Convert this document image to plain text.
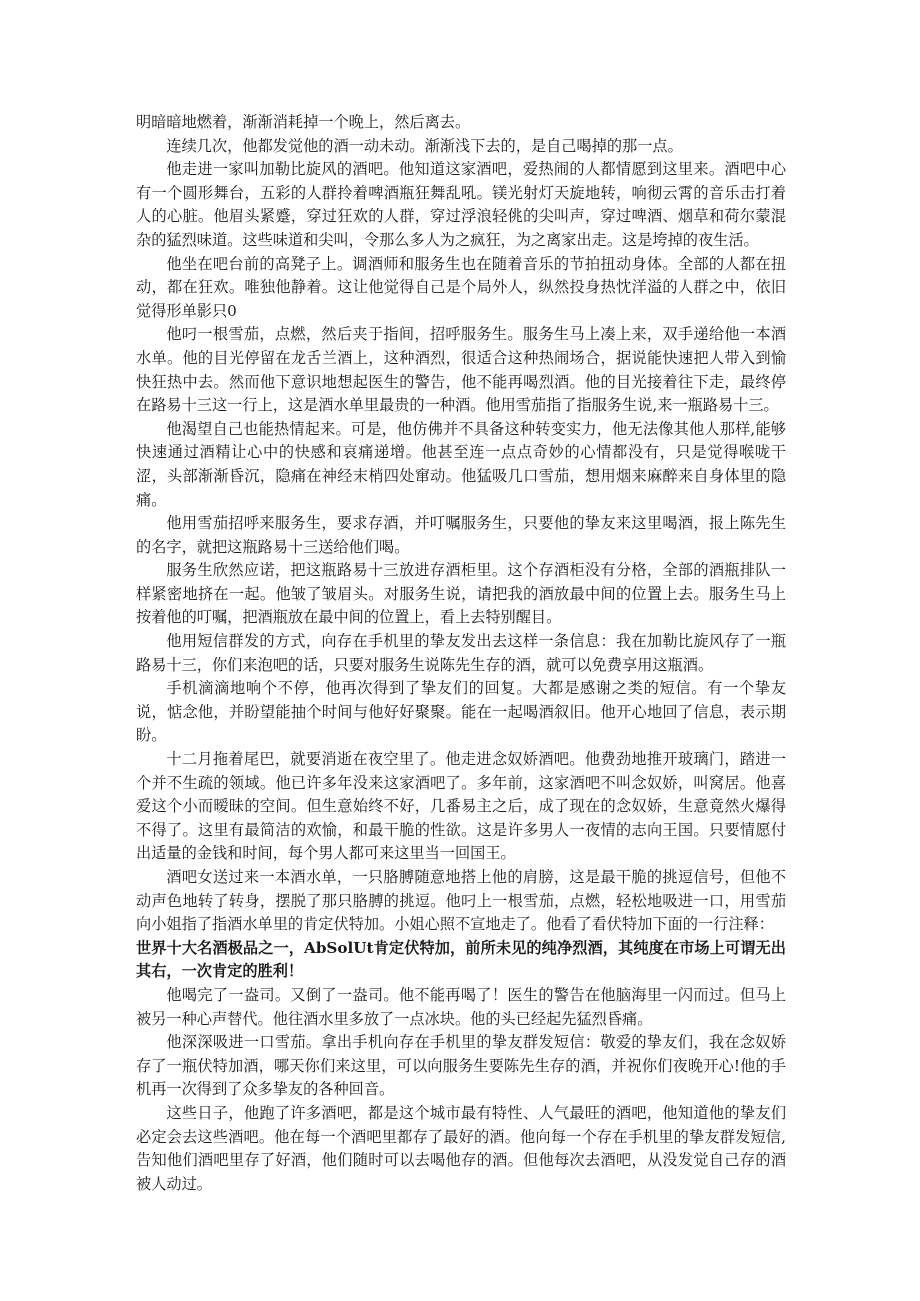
明暗暗地燃着，渐渐消耗掉一个晚上，然后离去。

连续几次，他都发觉他的酒一动未动。渐渐浅下去的，是自己喝掉的那一点。

他走进一家叫加勒比旋风的酒吧。他知道这家酒吧，爱热闹的人都情愿到这里来。酒吧中心有一个圆形舞台，五彩的人群拎着啤酒瓶狂舞乱吼。镁光射灯天旋地转，响彻云霄的音乐击打着人的心脏。他眉头紧蹙，穿过狂欢的人群，穿过浮浪轻佻的尖叫声，穿过啤酒、烟草和荷尔蒙混杂的猛烈味道。这些味道和尖叫，令那么多人为之疯狂，为之离家出走。这是垮掉的夜生活。

他坐在吧台前的高凳子上。调酒师和服务生也在随着音乐的节拍扭动身体。全部的人都在扭动，都在狂欢。唯独他静着。这让他觉得自己是个局外人，纵然投身热忱洋溢的人群之中，依旧觉得形单影只0

他叼一根雪茄，点燃，然后夹于指间，招呼服务生。服务生马上凑上来，双手递给他一本酒水单。他的目光停留在龙舌兰酒上，这种酒烈，很适合这种热闹场合，据说能快速把人带入到愉快狂热中去。然而他下意识地想起医生的警告，他不能再喝烈酒。他的目光接着往下走，最终停在路易十三这一行上，这是酒水单里最贵的一种酒。他用雪茄指了指服务生说,来一瓶路易十三。

他渴望自己也能热情起来。可是，他仿佛并不具备这种转变实力，他无法像其他人那样,能够快速通过酒精让心中的快感和哀痛递增。他甚至连一点点奇妙的心情都没有，只是觉得喉咙干涩，头部渐渐昏沉，隐痛在神经末梢四处窜动。他猛吸几口雪茄，想用烟来麻醉来自身体里的隐痛。

他用雪茄招呼来服务生，要求存酒，并叮嘱服务生，只要他的挚友来这里喝酒，报上陈先生的名字，就把这瓶路易十三送给他们喝。

服务生欣然应诺，把这瓶路易十三放进存酒柜里。这个存酒柜没有分格，全部的酒瓶排队一样紧密地挤在一起。他皱了皱眉头。对服务生说，请把我的酒放最中间的位置上去。服务生马上按着他的叮嘱，把酒瓶放在最中间的位置上，看上去特别醒目。

他用短信群发的方式，向存在手机里的挚友发出去这样一条信息：我在加勒比旋风存了一瓶路易十三，你们来泡吧的话，只要对服务生说陈先生存的酒，就可以免费享用这瓶酒。

手机滴滴地响个不停，他再次得到了挚友们的回复。大都是感谢之类的短信。有一个挚友说，惦念他，并盼望能抽个时间与他好好聚聚。能在一起喝酒叙旧。他开心地回了信息，表示期盼。

十二月拖着尾巴，就要消逝在夜空里了。他走进念奴娇酒吧。他费劲地推开玻璃门，踏进一个并不生疏的领域。他已许多年没来这家酒吧了。多年前，这家酒吧不叫念奴娇，叫窝居。他喜爱这个小而暧昧的空间。但生意始终不好，几番易主之后，成了现在的念奴娇，生意竟然火爆得不得了。这里有最简洁的欢愉，和最干脆的性欲。这是许多男人一夜情的志向王国。只要情愿付出适量的金钱和时间，每个男人都可来这里当一回国王。

酒吧女送过来一本酒水单，一只胳膊随意地搭上他的肩膀，这是最干脆的挑逗信号，但他不动声色地转了转身，摆脱了那只胳膊的挑逗。他叼上一根雪茄，点燃，轻松地吸进一口，用雪茄向小姐指了指酒水单里的肯定伏特加。小姐心照不宣地走了。他看了看伏特加下面的一行注释：

世界十大名酒极品之一，AbSolUt肯定伏特加，前所未见的纯净烈酒，其纯度在市场上可谓无出其右，一次肯定的胜利！

他喝完了一盎司。又倒了一盎司。他不能再喝了！医生的警告在他脑海里一闪而过。但马上被另一种心声替代。他往酒水里多放了一点冰块。他的头已经起先猛烈昏痛。

他深深吸进一口雪茄。拿出手机向存在手机里的挚友群发短信：敬爱的挚友们，我在念奴娇存了一瓶伏特加酒，哪天你们来这里，可以向服务生要陈先生存的酒，并祝你们夜晚开心!他的手机再一次得到了众多挚友的各种回音。

这些日子，他跑了许多酒吧，都是这个城市最有特性、人气最旺的酒吧，他知道他的挚友们必定会去这些酒吧。他在每一个酒吧里都存了最好的酒。他向每一个存在手机里的挚友群发短信,告知他们酒吧里存了好酒，他们随时可以去喝他存的酒。但他每次去酒吧，从没发觉自己存的酒被人动过。
